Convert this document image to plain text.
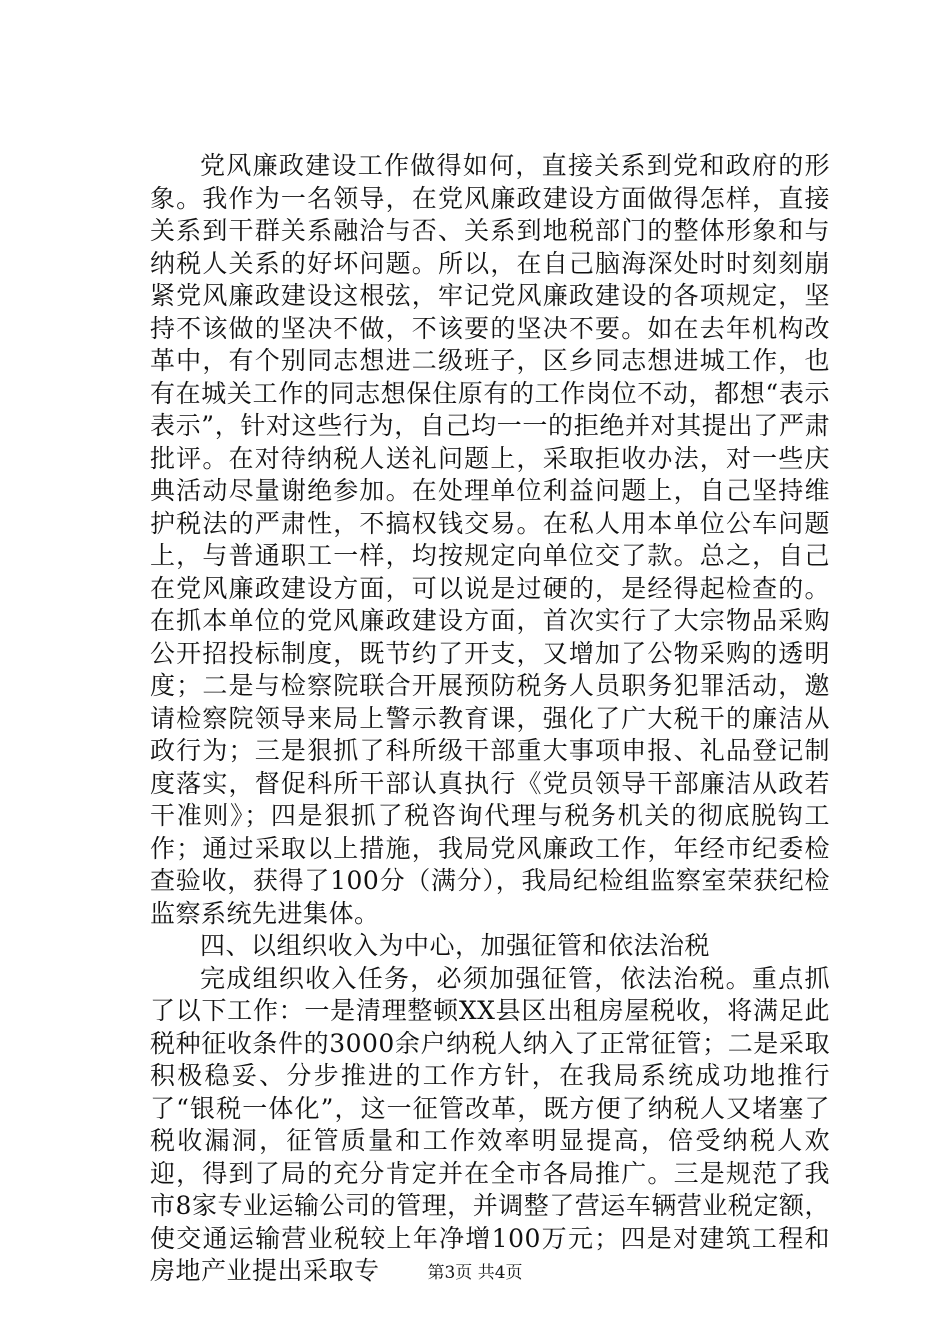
党风廉政建设工作做得如何，直接关系到党和政府的形象。我作为一名领导，在党风廉政建设方面做得怎样，直接关系到干群关系融洽与否、关系到地税部门的整体形象和与纳税人关系的好坏问题。所以，在自己脑海深处时时刻刻崩紧党风廉政建设这根弦，牢记党风廉政建设的各项规定，坚持不该做的坚决不做，不该要的坚决不要。如在去年机构改革中，有个别同志想进二级班子，区乡同志想进城工作，也有在城关工作的同志想保住原有的工作岗位不动，都想“表示表示”，针对这些行为，自己均一一的拒绝并对其提出了严肃批评。在对待纳税人送礼问题上，采取拒收办法，对一些庆典活动尽量谢绝参加。在处理单位利益问题上，自己坚持维护税法的严肃性，不搞权钱交易。在私人用本单位公车问题上，与普通职工一样，均按规定向单位交了款。总之，自己在党风廉政建设方面，可以说是过硬的，是经得起检查的。在抓本单位的党风廉政建设方面，首次实行了大宗物品采购公开招投标制度，既节约了开支，又增加了公物采购的透明度；二是与检察院联合开展预防税务人员职务犯罪活动，邀请检察院领导来局上警示教育课，强化了广大税干的廉洁从政行为；三是狠抓了科所级干部重大事项申报、礼品登记制度落实，督促科所干部认真执行《党员领导干部廉洁从政若干准则》；四是狠抓了税咨询代理与税务机关的彻底脱钩工作；通过采取以上措施，我局党风廉政工作，年经市纪委检查验收，获得了100分（满分），我局纪检组监察室荣获纪检监察系统先进集体。

四、以组织收入为中心，加强征管和依法治税

完成组织收入任务，必须加强征管，依法治税。重点抓了以下工作：一是清理整顿XX县区出租房屋税收，将满足此税种征收条件的3000余户纳税人纳入了正常征管；二是采取积极稳妥、分步推进的工作方针，在我局系统成功地推行了“银税一体化”，这一征管改革，既方便了纳税人又堵塞了税收漏洞，征管质量和工作效率明显提高，倍受纳税人欢迎，得到了局的充分肯定并在全市各局推广。三是规范了我市8家专业运输公司的管理，并调整了营运车辆营业税定额，使交通运输营业税较上年净增100万元；四是对建筑工程和房地产业提出采取专	第3页 共4页
